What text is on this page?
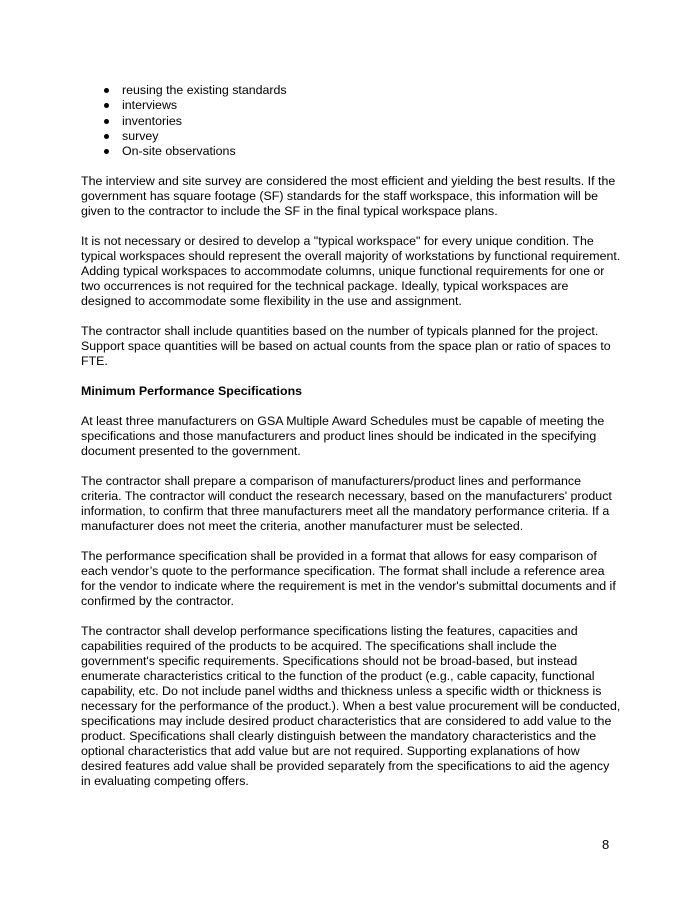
reusing the existing standards
interviews
inventories
survey
On-site observations

The interview and site survey are considered the most efficient and yielding the best results. If the government has square footage (SF) standards for the staff workspace, this information will be given to the contractor to include the SF in the final typical workspace plans.

It is not necessary or desired to develop a "typical workspace" for every unique condition. The typical workspaces should represent the overall majority of workstations by functional requirement. Adding typical workspaces to accommodate columns, unique functional requirements for one or two occurrences is not required for the technical package. Ideally, typical workspaces are designed to accommodate some flexibility in the use and assignment.

The contractor shall include quantities based on the number of typicals planned for the project. Support space quantities will be based on actual counts from the space plan or ratio of spaces to FTE.

Minimum Performance Specifications

At least three manufacturers on GSA Multiple Award Schedules must be capable of meeting the specifications and those manufacturers and product lines should be indicated in the specifying document presented to the government.

The contractor shall prepare a comparison of manufacturers/product lines and performance criteria. The contractor will conduct the research necessary, based on the manufacturers' product information, to confirm that three manufacturers meet all the mandatory performance criteria. If a manufacturer does not meet the criteria, another manufacturer must be selected.

The performance specification shall be provided in a format that allows for easy comparison of each vendor’s quote to the performance specification. The format shall include a reference area for the vendor to indicate where the requirement is met in the vendor's submittal documents and if confirmed by the contractor.

The contractor shall develop performance specifications listing the features, capacities and capabilities required of the products to be acquired. The specifications shall include the government's specific requirements. Specifications should not be broad-based, but instead enumerate characteristics critical to the function of the product (e.g., cable capacity, functional capability, etc. Do not include panel widths and thickness unless a specific width or thickness is necessary for the performance of the product.). When a best value procurement will be conducted, specifications may include desired product characteristics that are considered to add value to the product. Specifications shall clearly distinguish between the mandatory characteristics and the optional characteristics that add value but are not required. Supporting explanations of how desired features add value shall be provided separately from the specifications to aid the agency in evaluating competing offers.

8
